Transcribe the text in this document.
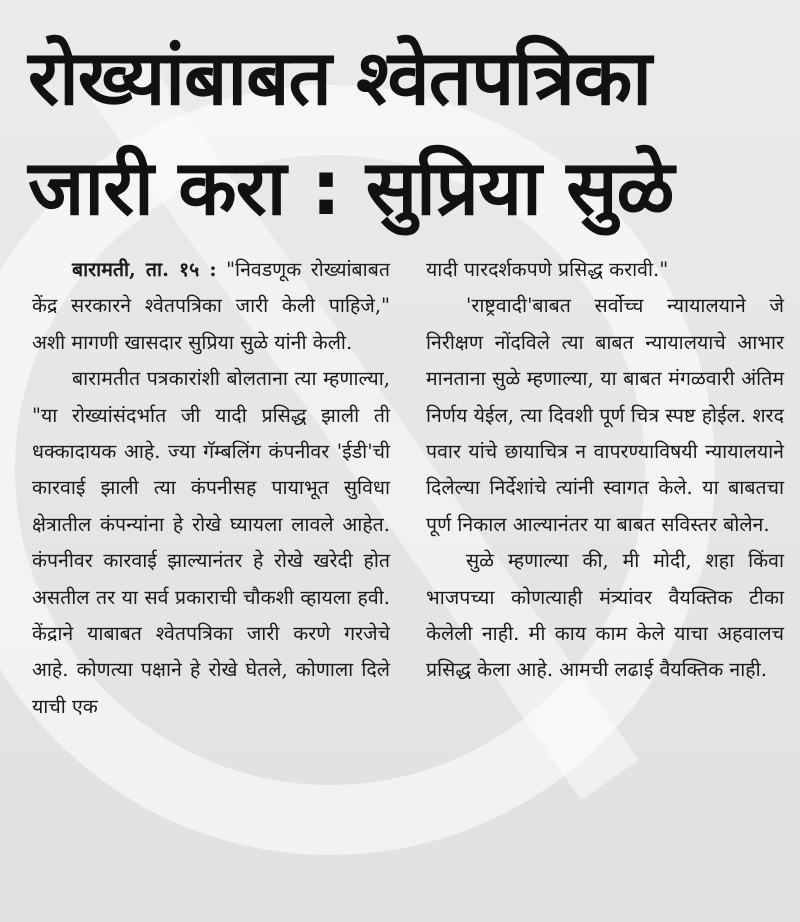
रोख्यांबाबत श्वेतपत्रिका
जारी करा : सुप्रिया सुळे

बारामती, ता. १५ : "निवडणूक रोख्यांबाबत केंद्र सरकारने श्वेतपत्रिका जारी केली पाहिजे," अशी मागणी खासदार सुप्रिया सुळे यांनी केली.

बारामतीत पत्रकारांशी बोलताना त्या म्हणाल्या, "या रोख्यांसंदर्भात जी यादी प्रसिद्ध झाली ती धक्कादायक आहे. ज्या गॅम्बलिंग कंपनीवर 'ईडी'ची कारवाई झाली त्या कंपनीसह पायाभूत सुविधा क्षेत्रातील कंपन्यांना हे रोखे घ्यायला लावले आहेत. कंपनीवर कारवाई झाल्यानंतर हे रोखे खरेदी होत असतील तर या सर्व प्रकाराची चौकशी व्हायला हवी. केंद्राने याबाबत श्वेतपत्रिका जारी करणे गरजेचे आहे. कोणत्या पक्षाने हे रोखे घेतले, कोणाला दिले याची एक

यादी पारदर्शकपणे प्रसिद्ध करावी."

'राष्ट्रवादी'बाबत सर्वोच्च न्यायालयाने जे निरीक्षण नोंदविले त्या बाबत न्यायालयाचे आभार मानताना सुळे म्हणाल्या, या बाबत मंगळवारी अंतिम निर्णय येईल, त्या दिवशी पूर्ण चित्र स्पष्ट होईल. शरद पवार यांचे छायाचित्र न वापरण्याविषयी न्यायालयाने दिलेल्या निर्देशांचे त्यांनी स्वागत केले. या बाबतचा पूर्ण निकाल आल्यानंतर या बाबत सविस्तर बोलेन.

सुळे म्हणाल्या की, मी मोदी, शहा किंवा भाजपच्या कोणत्याही मंत्र्यांवर वैयक्तिक टीका केलेली नाही. मी काय काम केले याचा अहवालच प्रसिद्ध केला आहे. आमची लढाई वैयक्तिक नाही.
